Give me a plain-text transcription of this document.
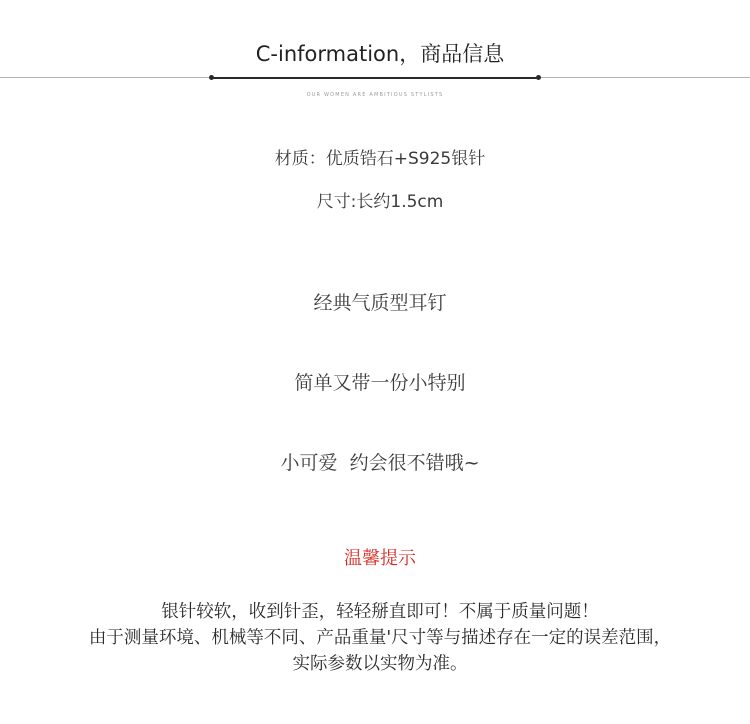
C-information，商品信息
OUR WOMEN ARE AMBITIOUS STYLISTS
材质：优质锆石+S925银针
尺寸:长约1.5cm
经典气质型耳钉
简单又带一份小特别
小可爱  约会很不错哦~
温馨提示
银针较软，收到针歪，轻轻掰直即可！不属于质量问题！
由于测量环境、机械等不同、产品重量'尺寸等与描述存在一定的误差范围，
实际参数以实物为准。
